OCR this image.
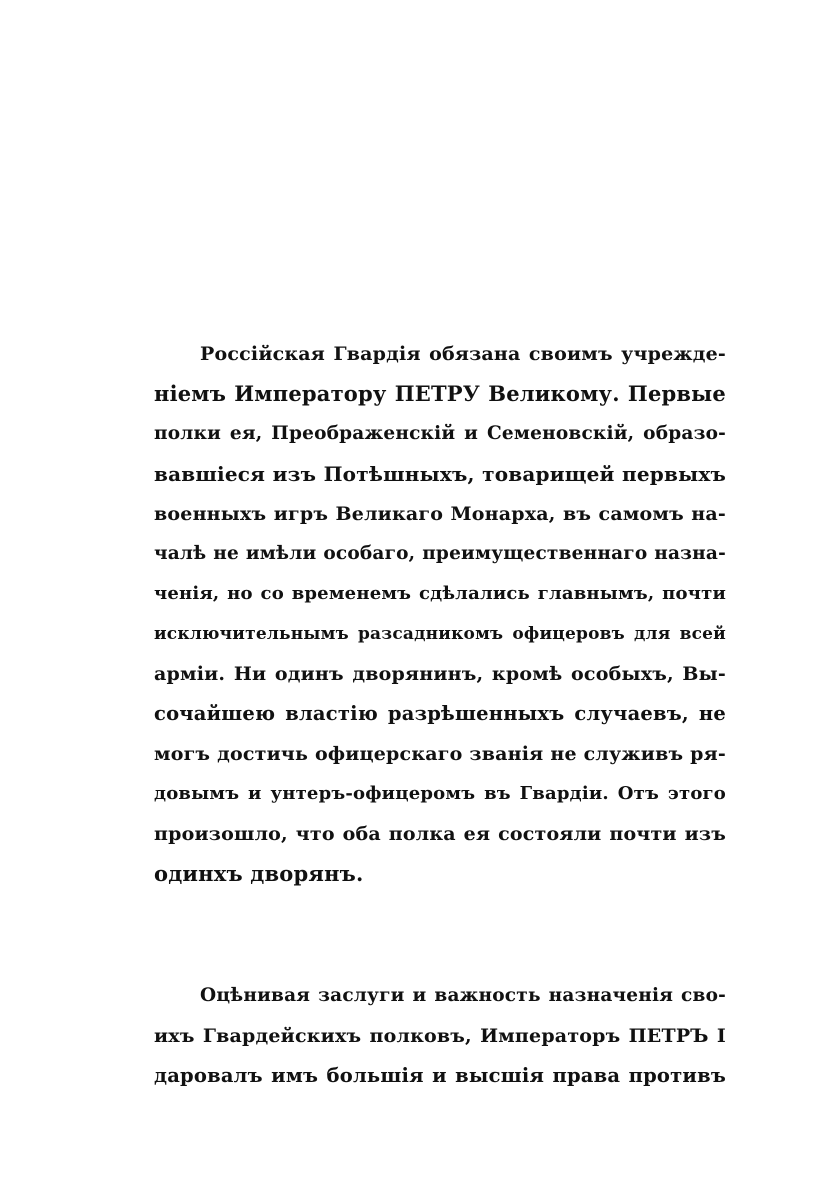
Россійская Гвардія обязана своимъ учрежде-
ніемъ Императору ПЕТРУ Великому. Первые
полки ея, Преображенскій и Семеновскій, образо-
вавшіеся изъ Потѣшныхъ, товарищей первыхъ
военныхъ игръ Великаго Монарха, въ самомъ на-
чалѣ не имѣли особаго, преимущественнаго назна-
ченія, но со временемъ сдѣлались главнымъ, почти
исключительнымъ разсадникомъ офицеровъ для всей
арміи. Ни одинъ дворянинъ, кромѣ особыхъ, Вы-
сочайшею властію разрѣшенныхъ случаевъ, не
могъ достичь офицерскаго званія не служивъ ря-
довымъ и унтеръ-офицеромъ въ Гвардіи. Отъ этого
произошло, что оба полка ея состояли почти изъ
одинхъ дворянъ.
Оцѣнивая заслуги и важность назначенія сво-
ихъ Гвардейскихъ полковъ, Императоръ ПЕТРЪ I
даровалъ имъ большія и высшія права противъ
